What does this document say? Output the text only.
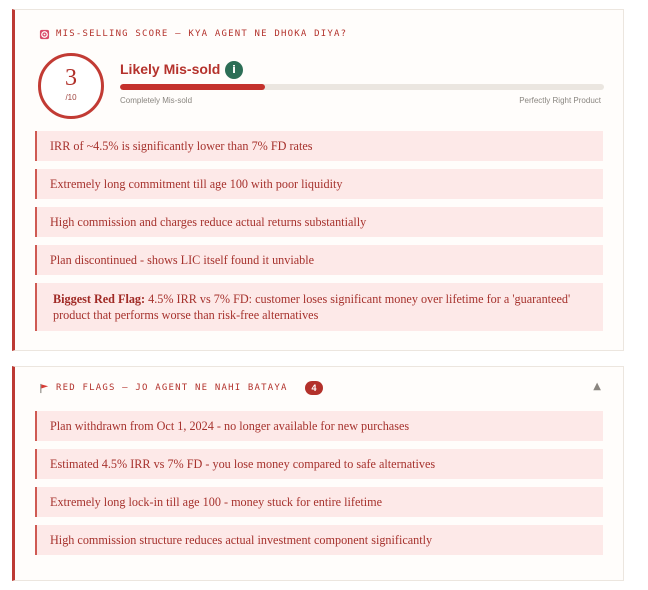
MIS-SELLING SCORE — KYA AGENT NE DHOKA DIYA?
3
/10
Likely Mis-sold	i
Completely Mis-sold	Perfectly Right Product
IRR of ~4.5% is significantly lower than 7% FD rates
Extremely long commitment till age 100 with poor liquidity
High commission and charges reduce actual returns substantially
Plan discontinued - shows LIC itself found it unviable
Biggest Red Flag: 4.5% IRR vs 7% FD: customer loses significant money over lifetime for a 'guaranteed' product that performs worse than risk-free alternatives
RED FLAGS — JO AGENT NE NAHI BATAYA	4	▲
Plan withdrawn from Oct 1, 2024 - no longer available for new purchases
Estimated 4.5% IRR vs 7% FD - you lose money compared to safe alternatives
Extremely long lock-in till age 100 - money stuck for entire lifetime
High commission structure reduces actual investment component significantly
